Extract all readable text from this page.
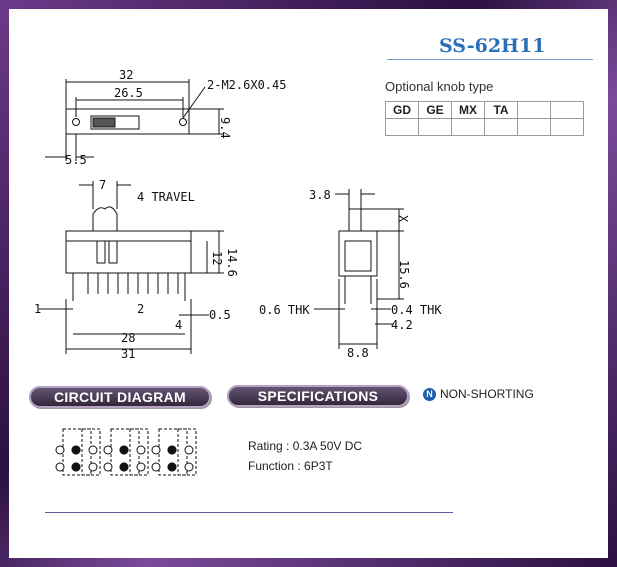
SS-62H11
Optional knob type
GD	GE	MX	TA		

32
26.5
2-M2.6X0.45
9.4
5.5
7
4 TRAVEL
12 14.6
1	2	0.5
4
28
31
3.8
X
15.6
0.6 THK	0.4 THK
4.2
8.8
CIRCUIT DIAGRAM	SPECIFICATIONS	N NON-SHORTING
Rating : 0.3A 50V DC
Function : 6P3T
